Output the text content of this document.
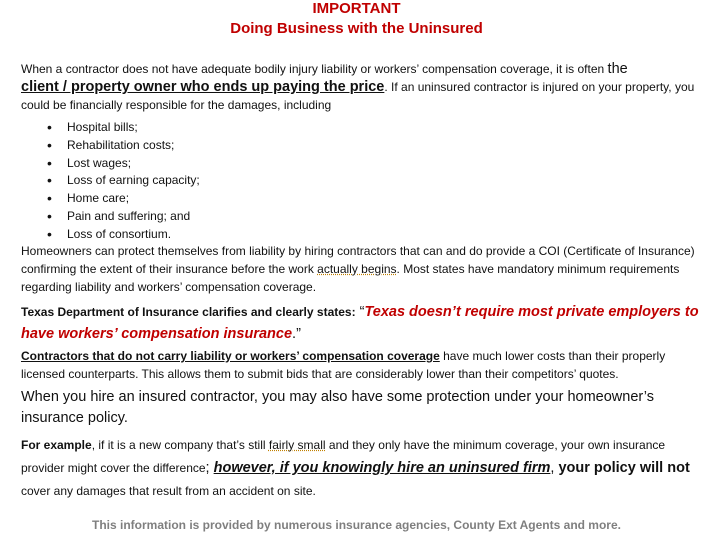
IMPORTANT
Doing Business with the Uninsured
When a contractor does not have adequate bodily injury liability or workers’ compensation coverage, it is often the
client / property owner who ends up paying the price. If an uninsured contractor is injured on your property, you could be financially responsible for the damages, including
• Hospital bills;
• Rehabilitation costs;
• Lost wages;
• Loss of earning capacity;
• Home care;
• Pain and suffering; and
• Loss of consortium.
Homeowners can protect themselves from liability by hiring contractors that can and do provide a COI (Certificate of Insurance) confirming the extent of their insurance before the work actually begins. Most states have mandatory minimum requirements regarding liability and workers’ compensation coverage.
Texas Department of Insurance clarifies and clearly states: “Texas doesn’t require most private employers to have workers’ compensation insurance.”
Contractors that do not carry liability or workers’ compensation coverage have much lower costs than their properly licensed counterparts. This allows them to submit bids that are considerably lower than their competitors’ quotes.
When you hire an insured contractor, you may also have some protection under your homeowner’s insurance policy.
For example, if it is a new company that’s still fairly small and they only have the minimum coverage, your own insurance provider might cover the difference; however, if you knowingly hire an uninsured firm, your policy will not cover any damages that result from an accident on site.
This information is provided by numerous insurance agencies, County Ext Agents and more.
